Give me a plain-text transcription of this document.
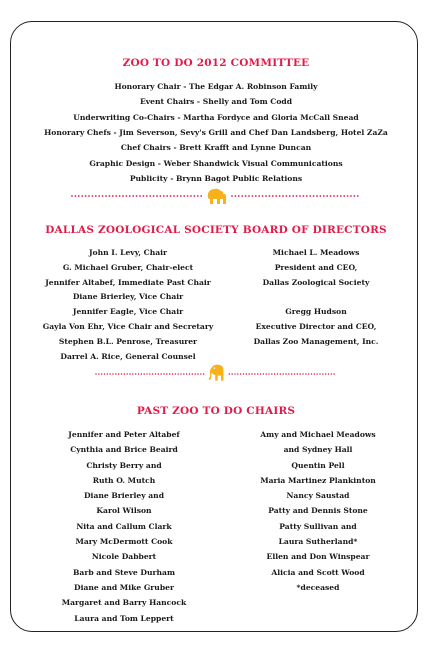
ZOO TO DO 2012 COMMITTEE
Honorary Chair - The Edgar A. Robinson Family
Event Chairs - Shelly and Tom Codd
Underwriting Co-Chairs - Martha Fordyce and Gloria McCall Snead
Honorary Chefs - Jim Severson, Sevy's Grill and Chef Dan Landsberg, Hotel ZaZa
Chef Chairs - Brett Krafft and Lynne Duncan
Graphic Design - Weber Shandwick Visual Communications
Publicity - Brynn Bagot Public Relations
DALLAS ZOOLOGICAL SOCIETY BOARD OF DIRECTORS
John I. Levy, Chair
G. Michael Gruber, Chair-elect
Jennifer Altabef, Immediate Past Chair
Diane Brierley, Vice Chair
Jennifer Eagle, Vice Chair
Gayla Von Ehr, Vice Chair and Secretary
Stephen B.L. Penrose, Treasurer
Darrel A. Rice, General Counsel
Michael L. Meadows
President and CEO,
Dallas Zoological Society
Gregg Hudson
Executive Director and CEO,
Dallas Zoo Management, Inc.
PAST ZOO TO DO CHAIRS
Jennifer and Peter Altabef
Cynthia and Brice Beaird
Christy Berry and
Ruth O. Mutch
Diane Brierley and
Karol Wilson
Nita and Callum Clark
Mary McDermott Cook
Nicole Dabbert
Barb and Steve Durham
Diane and Mike Gruber
Margaret and Barry Hancock
Laura and Tom Leppert
Amy and Michael Meadows
and Sydney Hall
Quentin Pell
Maria Martinez Plankinton
Nancy Saustad
Patty and Dennis Stone
Patty Sullivan and
Laura Sutherland*
Ellen and Don Winspear
Alicia and Scott Wood
*deceased
